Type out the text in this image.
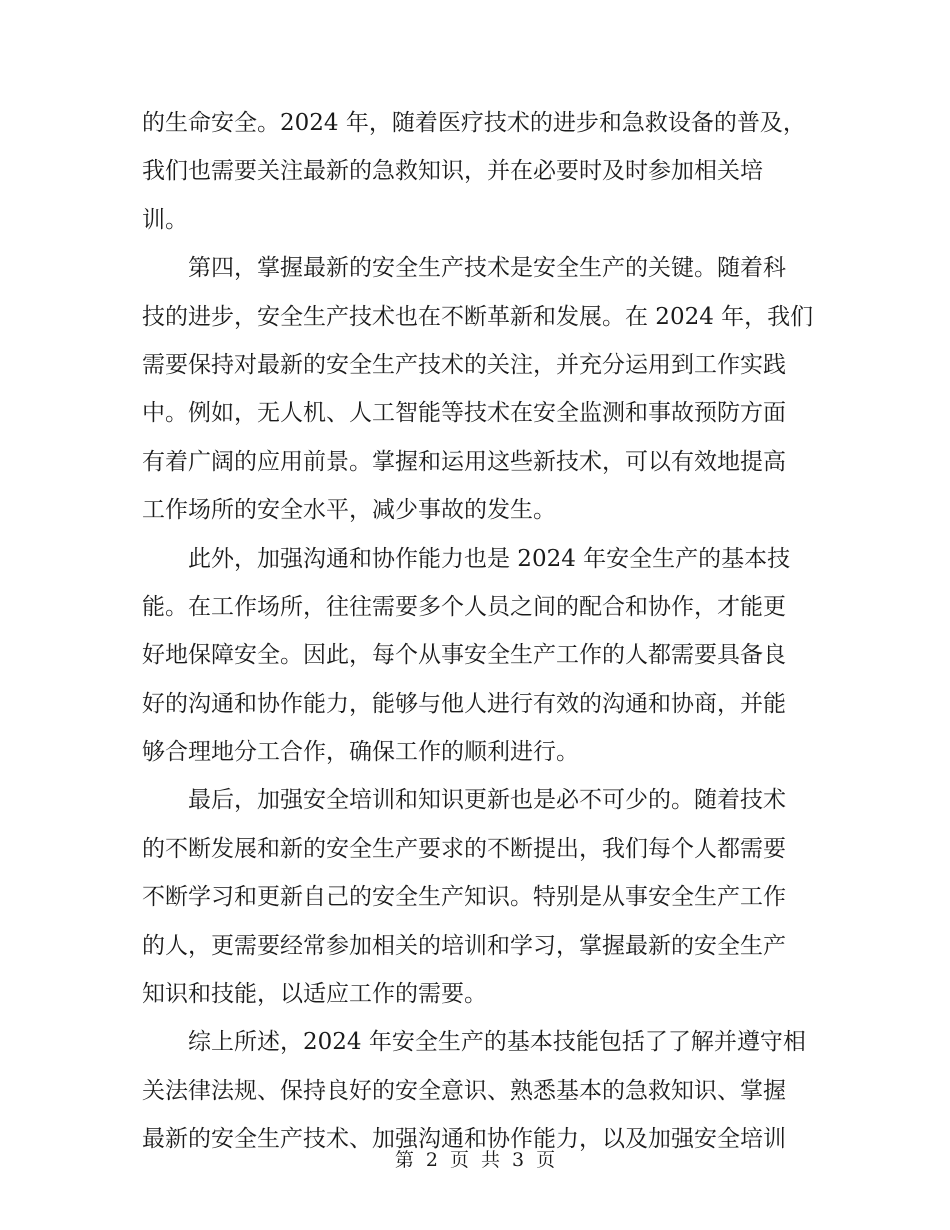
的生命安全。2024 年，随着医疗技术的进步和急救设备的普及，
我们也需要关注最新的急救知识，并在必要时及时参加相关培
训。
　　第四，掌握最新的安全生产技术是安全生产的关键。随着科
技的进步，安全生产技术也在不断革新和发展。在 2024 年，我们
需要保持对最新的安全生产技术的关注，并充分运用到工作实践
中。例如，无人机、人工智能等技术在安全监测和事故预防方面
有着广阔的应用前景。掌握和运用这些新技术，可以有效地提高
工作场所的安全水平，减少事故的发生。
　　此外，加强沟通和协作能力也是 2024 年安全生产的基本技
能。在工作场所，往往需要多个人员之间的配合和协作，才能更
好地保障安全。因此，每个从事安全生产工作的人都需要具备良
好的沟通和协作能力，能够与他人进行有效的沟通和协商，并能
够合理地分工合作，确保工作的顺利进行。
　　最后，加强安全培训和知识更新也是必不可少的。随着技术
的不断发展和新的安全生产要求的不断提出，我们每个人都需要
不断学习和更新自己的安全生产知识。特别是从事安全生产工作
的人，更需要经常参加相关的培训和学习，掌握最新的安全生产
知识和技能，以适应工作的需要。
　　综上所述，2024 年安全生产的基本技能包括了了解并遵守相
关法律法规、保持良好的安全意识、熟悉基本的急救知识、掌握
最新的安全生产技术、加强沟通和协作能力，以及加强安全培训
第 2 页 共 3 页
